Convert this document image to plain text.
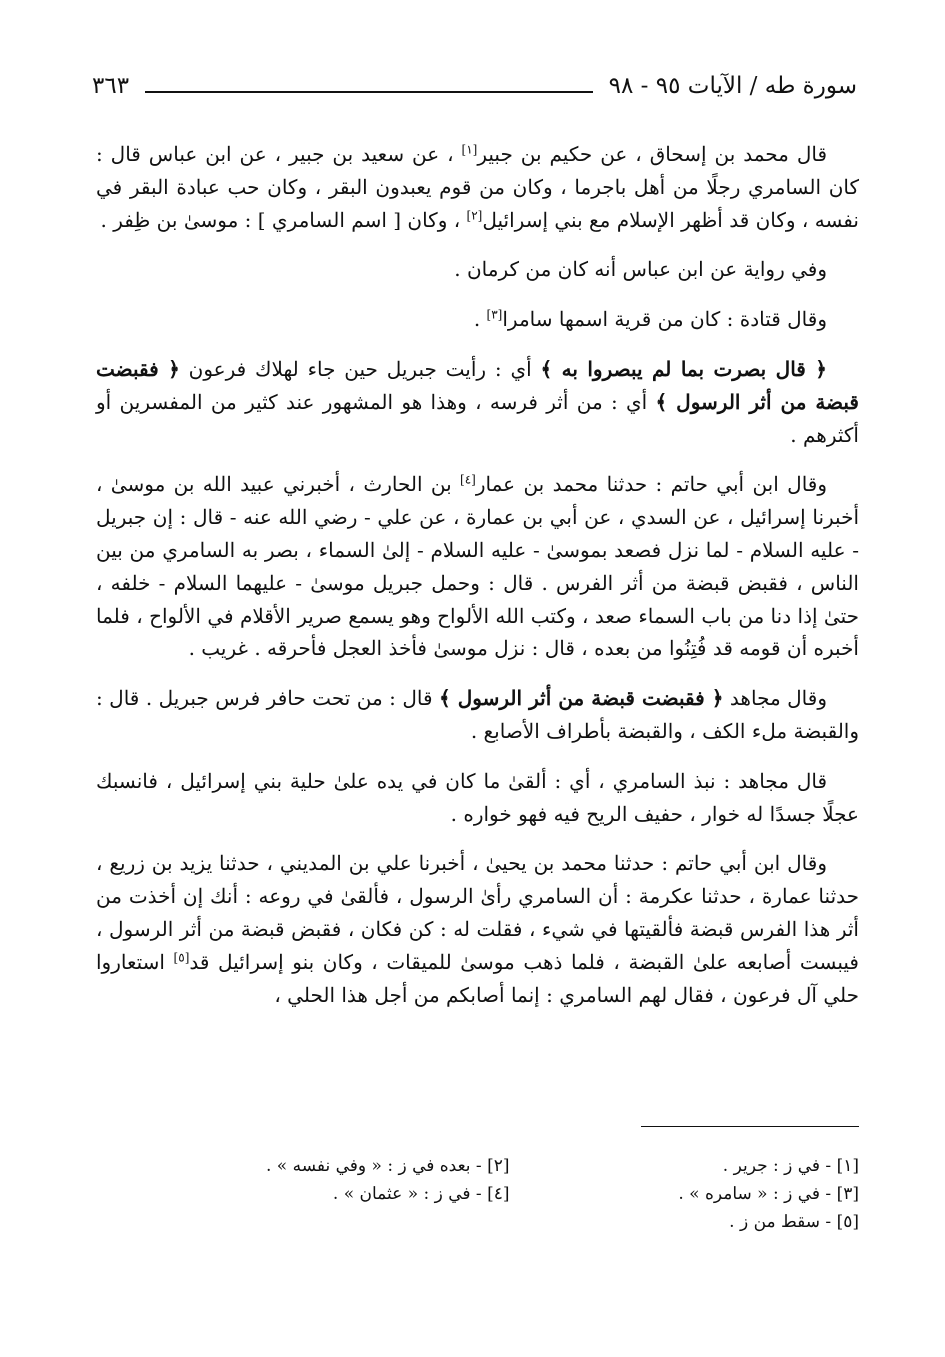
سورة طه / الآيات ٩٥ - ٩٨
٣٦٣

قال محمد بن إسحاق ، عن حكيم بن جبير[١] ، عن سعيد بن جبير ، عن ابن عباس قال : كان السامري رجلًا من أهل باجرما ، وكان من قوم يعبدون البقر ، وكان حب عبادة البقر في نفسه ، وكان قد أظهر الإسلام مع بني إسرائيل[٢] ، وكان [ اسم السامري ] : موسىٰ بن ظِفر .

وفي رواية عن ابن عباس أنه كان من كرمان .

وقال قتادة : كان من قرية اسمها سامرا[٣] .

﴿ قال بصرت بما لم يبصروا به ﴾ أي : رأيت جبريل حين جاء لهلاك فرعون ﴿ فقبضت قبضة من أثر الرسول ﴾ أي : من أثر فرسه ، وهذا هو المشهور عند كثير من المفسرين أو أكثرهم .

وقال ابن أبي حاتم : حدثنا محمد بن عمار[٤] بن الحارث ، أخبرني عبيد الله بن موسىٰ ، أخبرنا إسرائيل ، عن السدي ، عن أبي بن عمارة ، عن علي - رضي الله عنه - قال : إن جبريل - عليه السلام - لما نزل فصعد بموسىٰ - عليه السلام - إلىٰ السماء ، بصر به السامري من بين الناس ، فقبض قبضة من أثر الفرس . قال : وحمل جبريل موسىٰ - عليهما السلام - خلفه ، حتىٰ إذا دنا من باب السماء صعد ، وكتب الله الألواح وهو يسمع صرير الأقلام في الألواح ، فلما أخبره أن قومه قد فُتِنُوا من بعده ، قال : نزل موسىٰ فأخذ العجل فأحرقه . غريب .

وقال مجاهد ﴿ فقبضت قبضة من أثر الرسول ﴾ قال : من تحت حافر فرس جبريل . قال : والقبضة ملء الكف ، والقبضة بأطراف الأصابع .

قال مجاهد : نبذ السامري ، أي : ألقىٰ ما كان في يده علىٰ حلية بني إسرائيل ، فانسبك عجلًا جسدًا له خوار ، حفيف الريح فيه فهو خواره .

وقال ابن أبي حاتم : حدثنا محمد بن يحيىٰ ، أخبرنا علي بن المديني ، حدثنا يزيد بن زريع ، حدثنا عمارة ، حدثنا عكرمة : أن السامري رأىٰ الرسول ، فألقىٰ في روعه : أنك إن أخذت من أثر هذا الفرس قبضة فألقيتها في شيء ، فقلت له : كن فكان ، فقبض قبضة من أثر الرسول ، فيبست أصابعه علىٰ القبضة ، فلما ذهب موسىٰ للميقات ، وكان بنو إسرائيل قد[٥] استعاروا حلي آل فرعون ، فقال لهم السامري : إنما أصابكم من أجل هذا الحلي ،

[١] - في ز : جرير .
[٢] - بعده في ز : « وفي نفسه » .
[٣] - في ز : « سامره » .
[٤] - في ز : « عثمان » .
[٥] - سقط من ز .
